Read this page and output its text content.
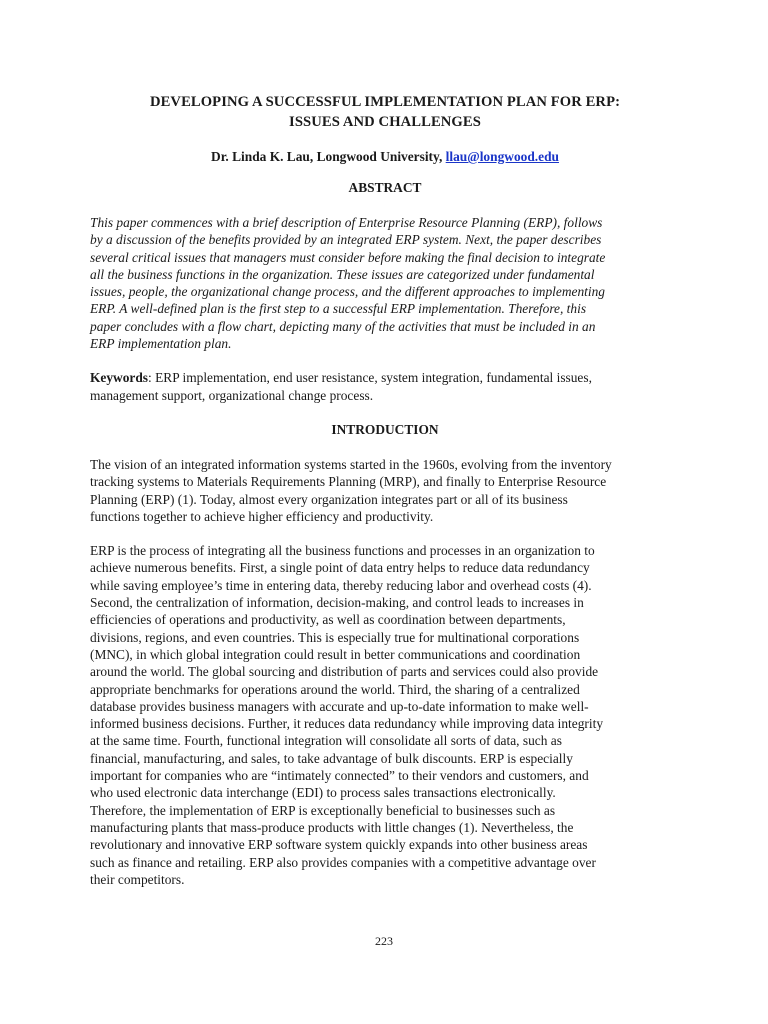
DEVELOPING A SUCCESSFUL IMPLEMENTATION PLAN FOR ERP:

ISSUES AND CHALLENGES

Dr. Linda K. Lau, Longwood University, llau@longwood.edu

ABSTRACT

This paper commences with a brief description of Enterprise Resource Planning (ERP), follows
by a discussion of the benefits provided by an integrated ERP system. Next, the paper describes
several critical issues that managers must consider before making the final decision to integrate
all the business functions in the organization. These issues are categorized under fundamental
issues, people, the organizational change process, and the different approaches to implementing
ERP. A well-defined plan is the first step to a successful ERP implementation. Therefore, this
paper concludes with a flow chart, depicting many of the activities that must be included in an
ERP implementation plan.
Keywords: ERP implementation, end user resistance, system integration, fundamental issues,
management support, organizational change process.

INTRODUCTION

The vision of an integrated information systems started in the 1960s, evolving from the inventory
tracking systems to Materials Requirements Planning (MRP), and finally to Enterprise Resource
Planning (ERP) (1). Today, almost every organization integrates part or all of its business
functions together to achieve higher efficiency and productivity.
ERP is the process of integrating all the business functions and processes in an organization to
achieve numerous benefits. First, a single point of data entry helps to reduce data redundancy
while saving employee’s time in entering data, thereby reducing labor and overhead costs (4).
Second, the centralization of information, decision-making, and control leads to increases in
efficiencies of operations and productivity, as well as coordination between departments,
divisions, regions, and even countries. This is especially true for multinational corporations
(MNC), in which global integration could result in better communications and coordination
around the world. The global sourcing and distribution of parts and services could also provide
appropriate benchmarks for operations around the world. Third, the sharing of a centralized
database provides business managers with accurate and up-to-date information to make well-
informed business decisions. Further, it reduces data redundancy while improving data integrity
at the same time. Fourth, functional integration will consolidate all sorts of data, such as
financial, manufacturing, and sales, to take advantage of bulk discounts. ERP is especially
important for companies who are “intimately connected” to their vendors and customers, and
who used electronic data interchange (EDI) to process sales transactions electronically.
Therefore, the implementation of ERP is exceptionally beneficial to businesses such as
manufacturing plants that mass-produce products with little changes (1). Nevertheless, the
revolutionary and innovative ERP software system quickly expands into other business areas
such as finance and retailing. ERP also provides companies with a competitive advantage over
their competitors.
223
